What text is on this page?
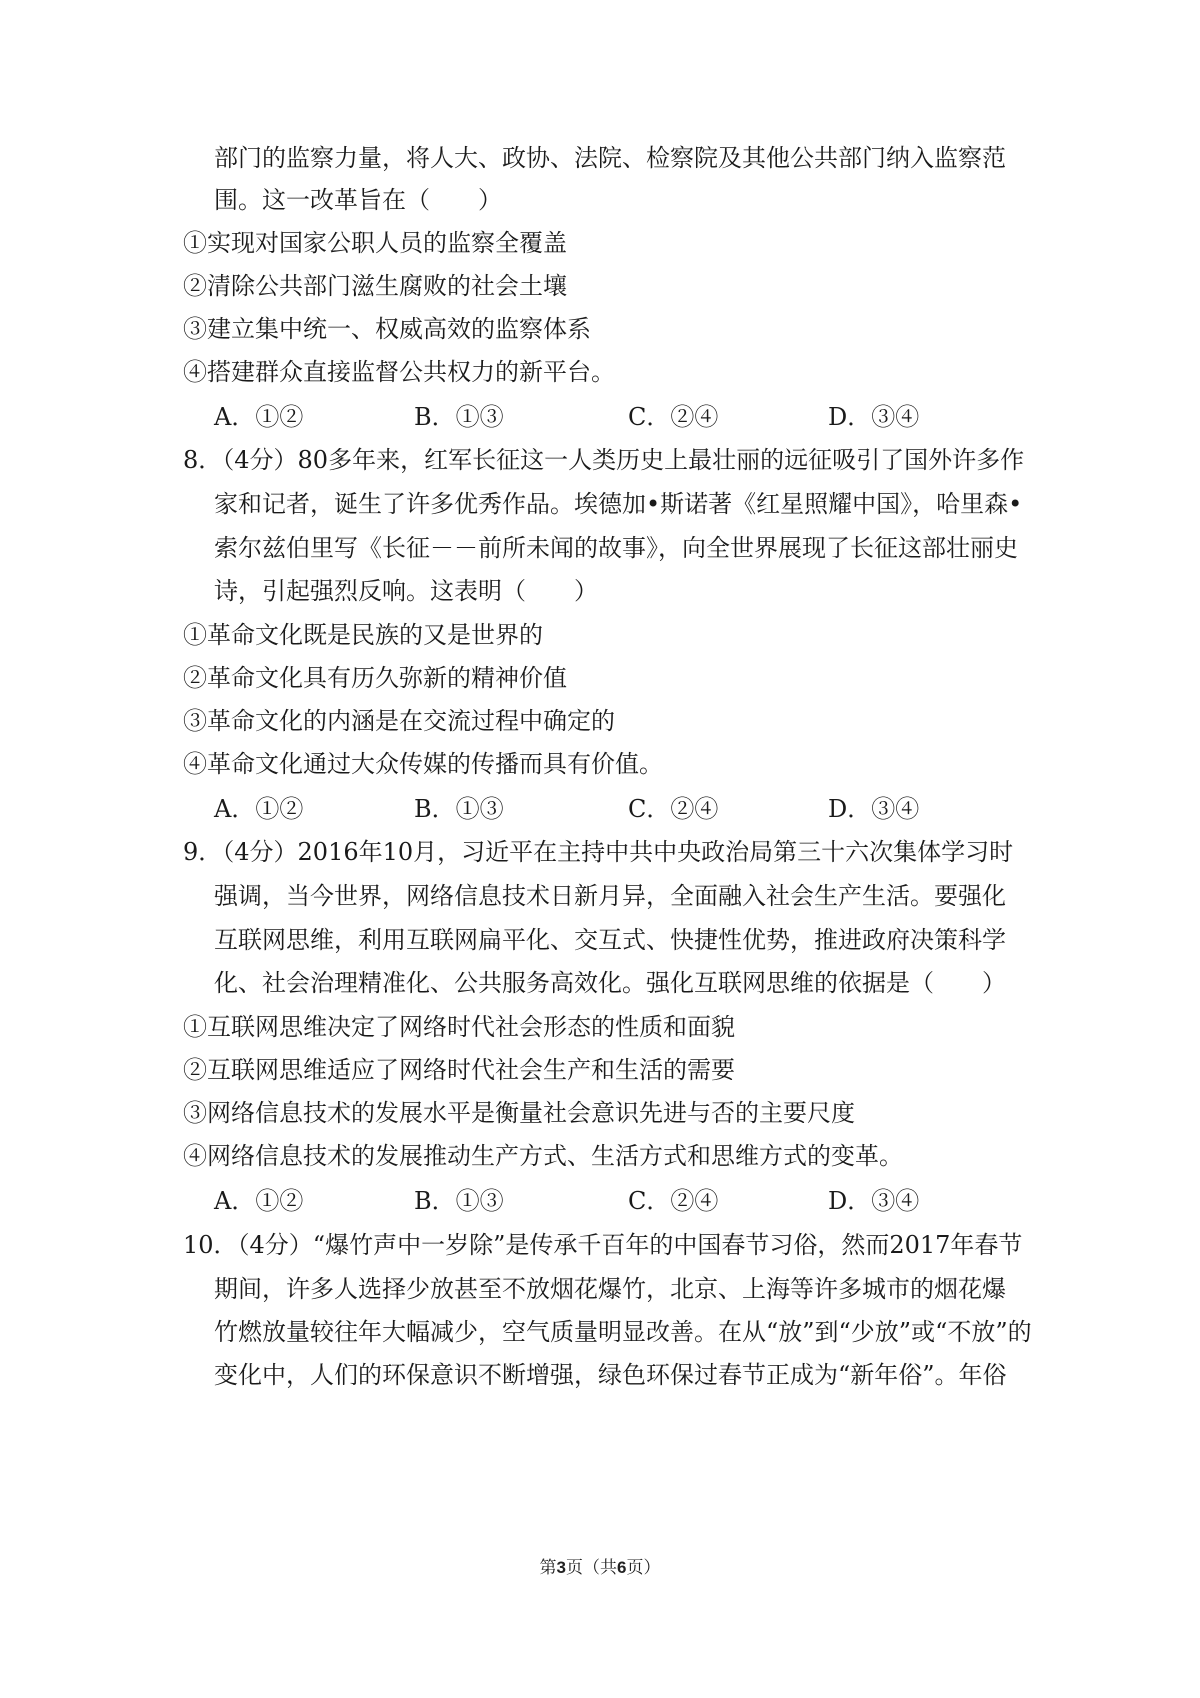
部门的监察力量，将人大、政协、法院、检察院及其他公共部门纳入监察范
围。这一改革旨在（　　）
①实现对国家公职人员的监察全覆盖
②清除公共部门滋生腐败的社会土壤
③建立集中统一、权威高效的监察体系
④搭建群众直接监督公共权力的新平台。
A．①②	B．①③	C．②④	D．③④
8．（4分）80多年来，红军长征这一人类历史上最壮丽的远征吸引了国外许多作
家和记者，诞生了许多优秀作品。埃德加•斯诺著《红星照耀中国》，哈里森•
索尔兹伯里写《长征－－前所未闻的故事》，向全世界展现了长征这部壮丽史
诗，引起强烈反响。这表明（　　）
①革命文化既是民族的又是世界的
②革命文化具有历久弥新的精神价值
③革命文化的内涵是在交流过程中确定的
④革命文化通过大众传媒的传播而具有价值。
A．①②	B．①③	C．②④	D．③④
9．（4分）2016年10月，习近平在主持中共中央政治局第三十六次集体学习时
强调，当今世界，网络信息技术日新月异，全面融入社会生产生活。要强化
互联网思维，利用互联网扁平化、交互式、快捷性优势，推进政府决策科学
化、社会治理精准化、公共服务高效化。强化互联网思维的依据是（　　）
①互联网思维决定了网络时代社会形态的性质和面貌
②互联网思维适应了网络时代社会生产和生活的需要
③网络信息技术的发展水平是衡量社会意识先进与否的主要尺度
④网络信息技术的发展推动生产方式、生活方式和思维方式的变革。
A．①②	B．①③	C．②④	D．③④
10．（4分）“爆竹声中一岁除”是传承千百年的中国春节习俗，然而2017年春节
期间，许多人选择少放甚至不放烟花爆竹，北京、上海等许多城市的烟花爆
竹燃放量较往年大幅减少，空气质量明显改善。在从“放”到“少放”或“不放”的
变化中，人们的环保意识不断增强，绿色环保过春节正成为“新年俗”。年俗
第3页（共6页）
